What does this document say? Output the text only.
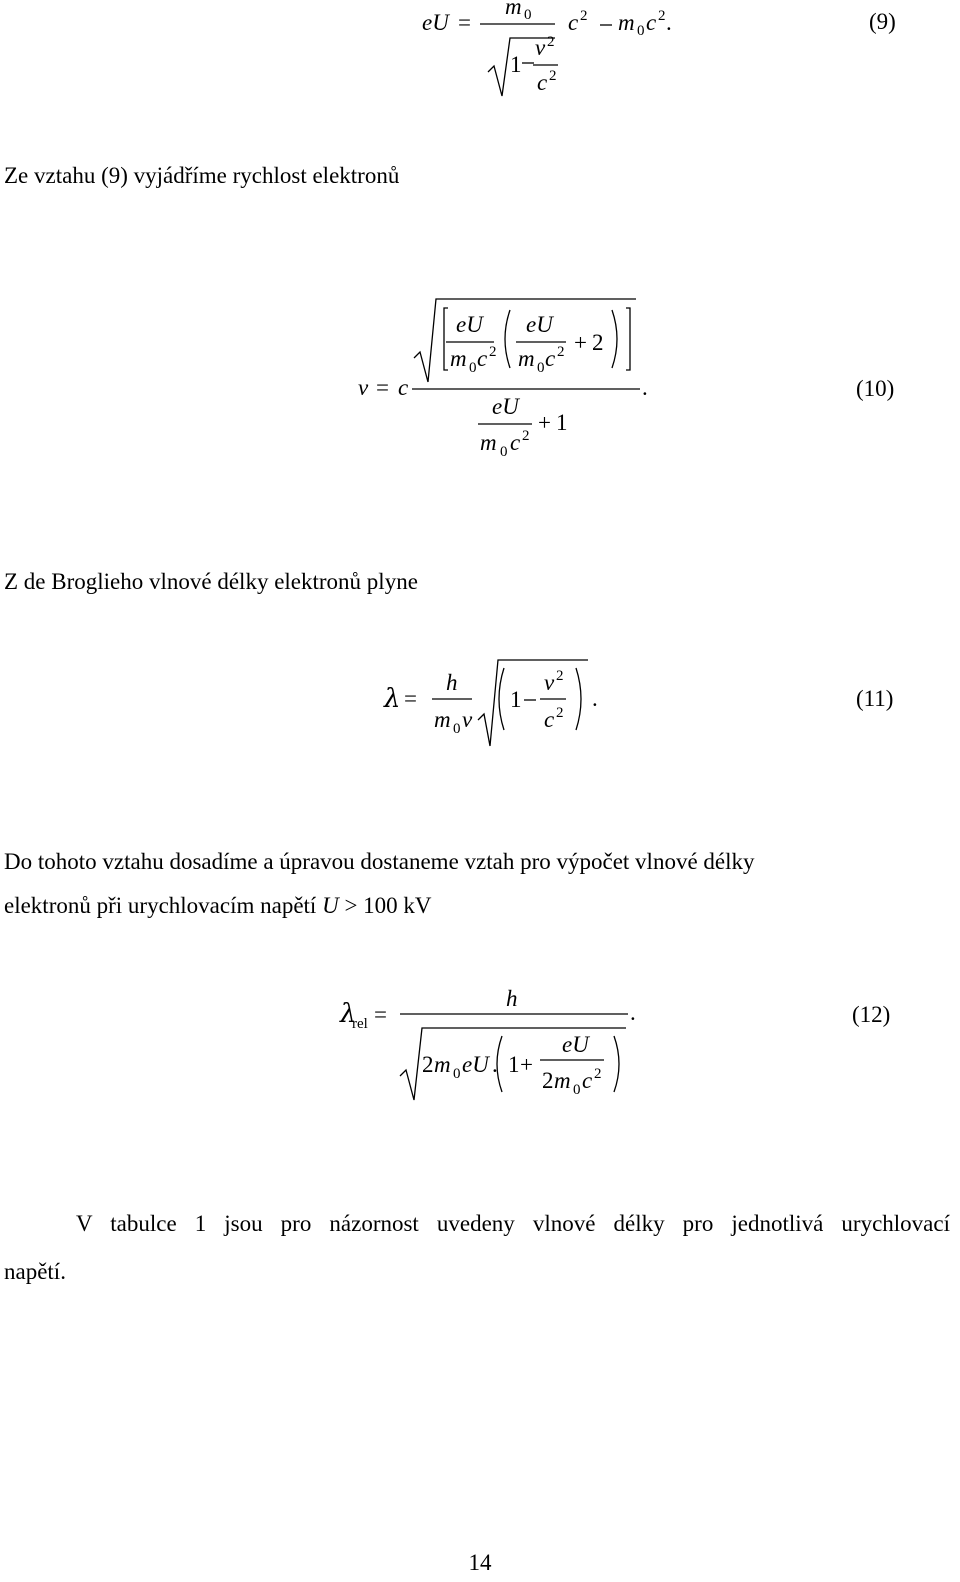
eU =
m 0
1
v 2
c 2
c 2 m 0 c 2 .	(9)
Ze vztahu (9) vyjádříme rychlost elektronů
v = c
eU
m 0 c 2
eU
m 0 c 2 + 2
eU
m 0 c 2
+ 1
.	(10)
Z de Broglieho vlnové délky elektronů plyne
λ =
h
m 0 v
1
v 2
c 2
.	(11)
Do tohoto vztahu dosadíme a úpravou dostaneme vztah pro výpočet vlnové délky
elektronů při urychlovacím napětí U > 100 kV
λ
rel =
h
2 m 0 eU . 1 +
eU
2 m 0 c 2
.	(12)
V tabulce 1 jsou pro názornost uvedeny vlnové délky pro jednotlivá urychlovací
napětí.
14
